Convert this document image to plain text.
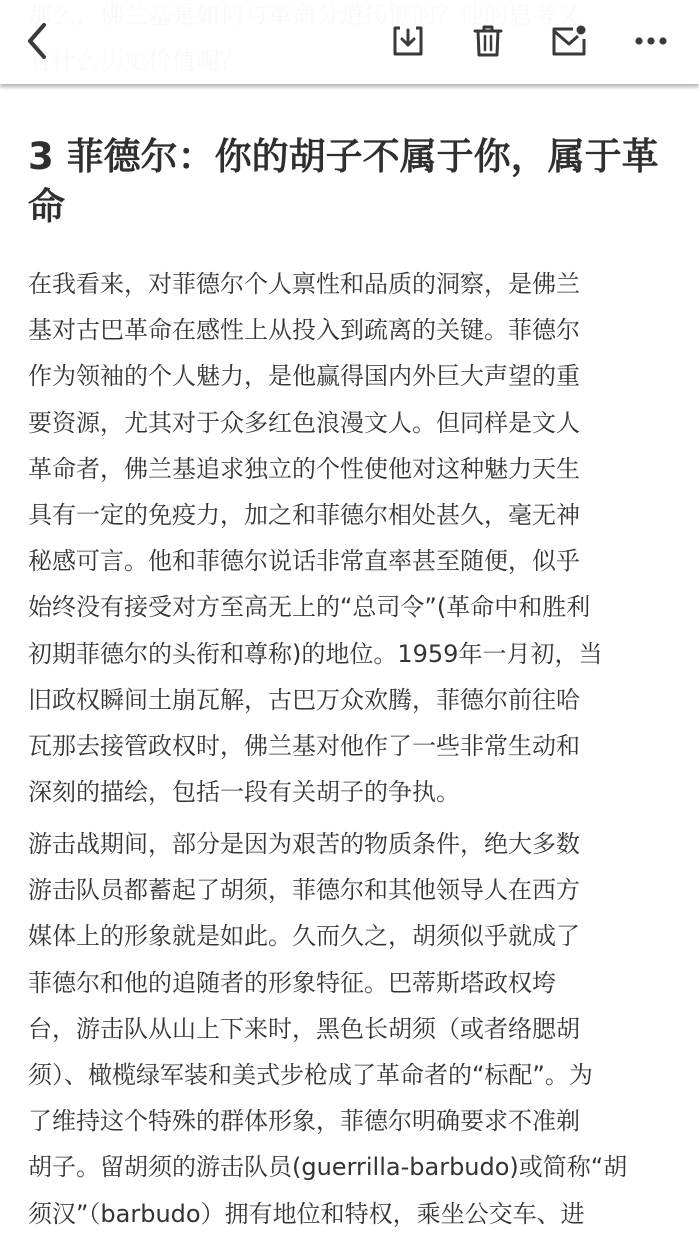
3 菲德尔：你的胡子不属于你，属于革命
在我看来，对菲德尔个人禀性和品质的洞察，是佛兰
基对古巴革命在感性上从投入到疏离的关键。菲德尔
作为领袖的个人魅力，是他赢得国内外巨大声望的重
要资源，尤其对于众多红色浪漫文人。但同样是文人
革命者，佛兰基追求独立的个性使他对这种魅力天生
具有一定的免疫力，加之和菲德尔相处甚久，毫无神
秘感可言。他和菲德尔说话非常直率甚至随便，似乎
始终没有接受对方至高无上的“总司令”(革命中和胜利
初期菲德尔的头衔和尊称)的地位。1959年一月初，当
旧政权瞬间土崩瓦解，古巴万众欢腾，菲德尔前往哈
瓦那去接管政权时，佛兰基对他作了一些非常生动和
深刻的描绘，包括一段有关胡子的争执。
游击战期间，部分是因为艰苦的物质条件，绝大多数
游击队员都蓄起了胡须，菲德尔和其他领导人在西方
媒体上的形象就是如此。久而久之，胡须似乎就成了
菲德尔和他的追随者的形象特征。巴蒂斯塔政权垮
台，游击队从山上下来时，黑色长胡须（或者络腮胡
须）、橄榄绿军装和美式步枪成了革命者的“标配”。为
了维持这个特殊的群体形象，菲德尔明确要求不准剃
胡子。留胡须的游击队员(guerrilla-barbudo)或简称“胡
须汉”（barbudo）拥有地位和特权，乘坐公交车、进
